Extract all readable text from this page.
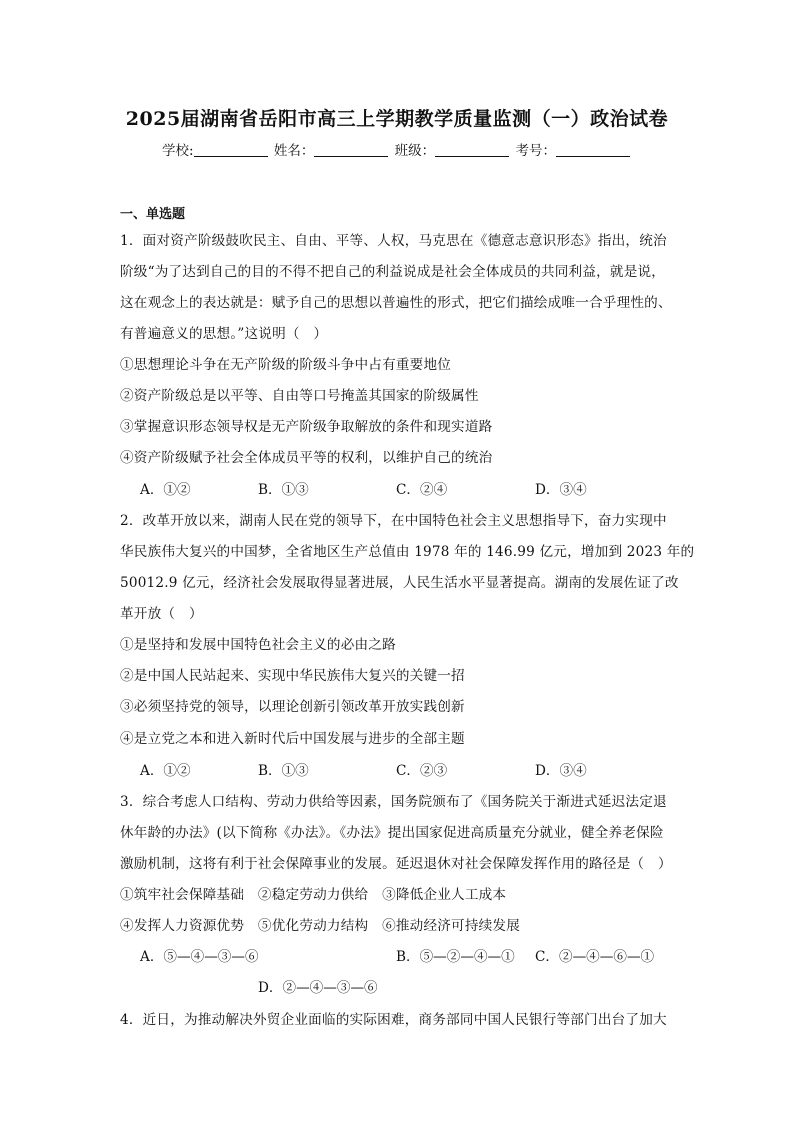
2025届湖南省岳阳市高三上学期教学质量监测（一）政治试卷
学校:	姓名：	班级：	考号：
一、单选题
1．面对资产阶级鼓吹民主、自由、平等、人权，马克思在《德意志意识形态》指出，统治
阶级“为了达到自己的目的不得不把自己的利益说成是社会全体成员的共同利益，就是说，
这在观念上的表达就是：赋予自己的思想以普遍性的形式，把它们描绘成唯一合乎理性的、
有普遍意义的思想。”这说明（　）
①思想理论斗争在无产阶级的阶级斗争中占有重要地位
②资产阶级总是以平等、自由等口号掩盖其国家的阶级属性
③掌握意识形态领导权是无产阶级争取解放的条件和现实道路
④资产阶级赋予社会全体成员平等的权利，以维护自己的统治
A．①②	B．①③	C．②④	D．③④
2．改革开放以来，湖南人民在党的领导下，在中国特色社会主义思想指导下，奋力实现中
华民族伟大复兴的中国梦，全省地区生产总值由 1978 年的 146.99 亿元，增加到 2023 年的
50012.9 亿元，经济社会发展取得显著进展，人民生活水平显著提高。湖南的发展佐证了改
革开放（　）
①是坚持和发展中国特色社会主义的必由之路
②是中国人民站起来、实现中华民族伟大复兴的关键一招
③必须坚持党的领导，以理论创新引领改革开放实践创新
④是立党之本和进入新时代后中国发展与进步的全部主题
A．①②	B．①③	C．②③	D．③④
3．综合考虑人口结构、劳动力供给等因素，国务院颁布了《国务院关于渐进式延迟法定退
休年龄的办法》(以下简称《办法》。《办法》提出国家促进高质量充分就业，健全养老保险
激励机制，这将有利于社会保障事业的发展。延迟退休对社会保障发挥作用的路径是（　）
①筑牢社会保障基础　②稳定劳动力供给　③降低企业人工成本
④发挥人力资源优势　⑤优化劳动力结构　⑥推动经济可持续发展
A．⑤—④—③—⑥	B．⑤—②—④—① C．②—④—⑥—①
D．②—④—③—⑥
4．近日，为推动解决外贸企业面临的实际困难，商务部同中国人民银行等部门出台了加大
